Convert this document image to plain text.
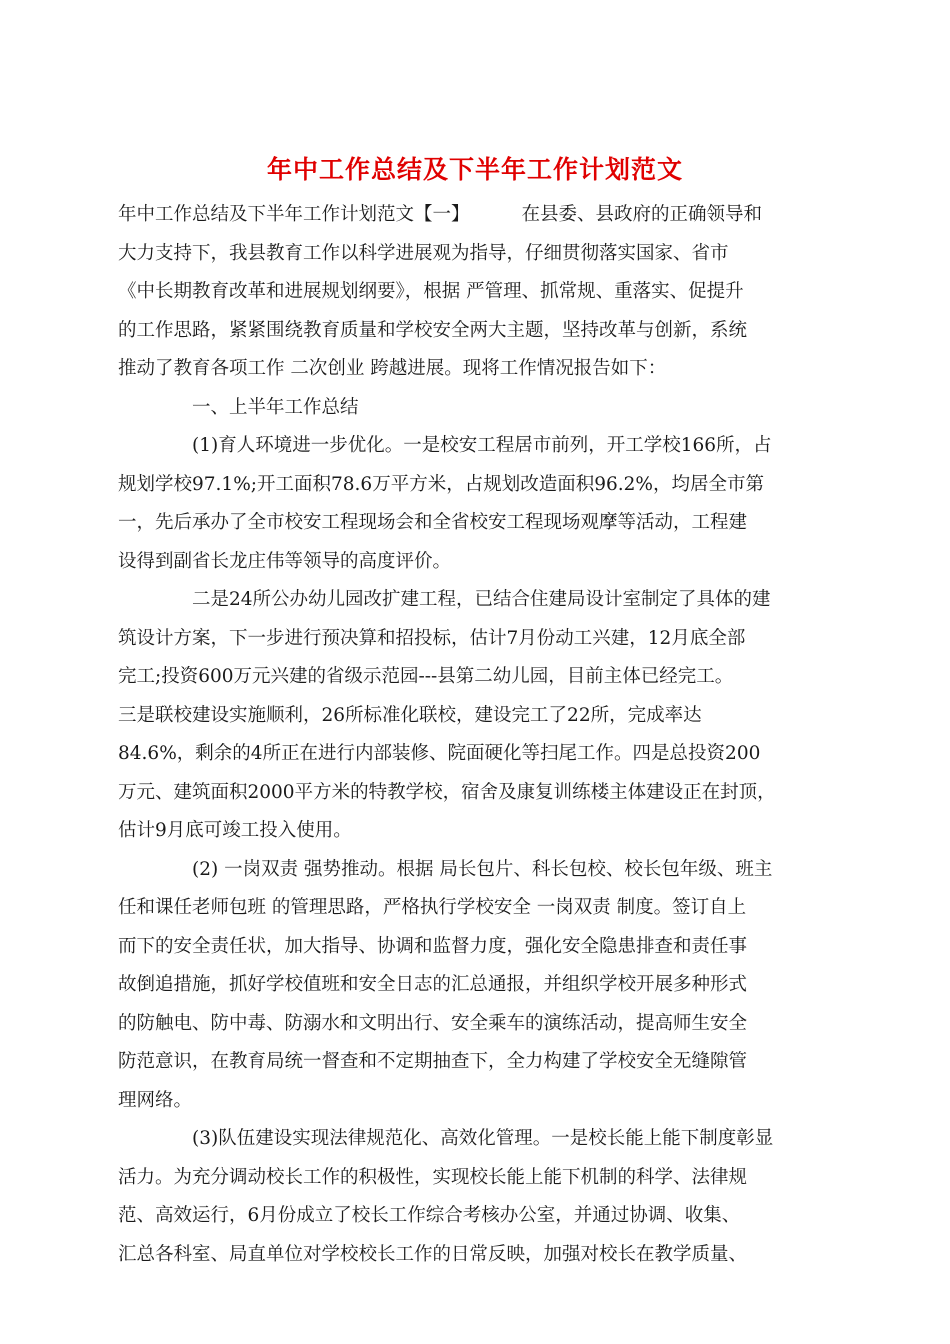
年中工作总结及下半年工作计划范文
年中工作总结及下半年工作计划范文【一】	在县委、县政府的正确领导和
大力支持下，我县教育工作以科学进展观为指导，仔细贯彻落实国家、省市
《中长期教育改革和进展规划纲要》，根据 严管理、抓常规、重落实、促提升
的工作思路，紧紧围绕教育质量和学校安全两大主题，坚持改革与创新，系统
推动了教育各项工作 二次创业 跨越进展。现将工作情况报告如下：
一、上半年工作总结
(1)育人环境进一步优化。一是校安工程居市前列，开工学校166所，占
规划学校97.1%;开工面积78.6万平方米，占规划改造面积96.2%，均居全市第
一，先后承办了全市校安工程现场会和全省校安工程现场观摩等活动，工程建
设得到副省长龙庄伟等领导的高度评价。
二是24所公办幼儿园改扩建工程，已结合住建局设计室制定了具体的建
筑设计方案，下一步进行预决算和招投标，估计7月份动工兴建，12月底全部
完工;投资600万元兴建的省级示范园---县第二幼儿园，目前主体已经完工。
三是联校建设实施顺利，26所标准化联校，建设完工了22所，完成率达
84.6%，剩余的4所正在进行内部装修、院面硬化等扫尾工作。四是总投资200
万元、建筑面积2000平方米的特教学校，宿舍及康复训练楼主体建设正在封顶，
估计9月底可竣工投入使用。
(2) 一岗双责 强势推动。根据 局长包片、科长包校、校长包年级、班主
任和课任老师包班 的管理思路，严格执行学校安全 一岗双责 制度。签订自上
而下的安全责任状，加大指导、协调和监督力度，强化安全隐患排查和责任事
故倒追措施，抓好学校值班和安全日志的汇总通报，并组织学校开展多种形式
的防触电、防中毒、防溺水和文明出行、安全乘车的演练活动，提高师生安全
防范意识，在教育局统一督查和不定期抽查下，全力构建了学校安全无缝隙管
理网络。
(3)队伍建设实现法律规范化、高效化管理。一是校长能上能下制度彰显
活力。为充分调动校长工作的积极性，实现校长能上能下机制的科学、法律规
范、高效运行，6月份成立了校长工作综合考核办公室，并通过协调、收集、
汇总各科室、局直单位对学校校长工作的日常反映，加强对校长在教学质量、
